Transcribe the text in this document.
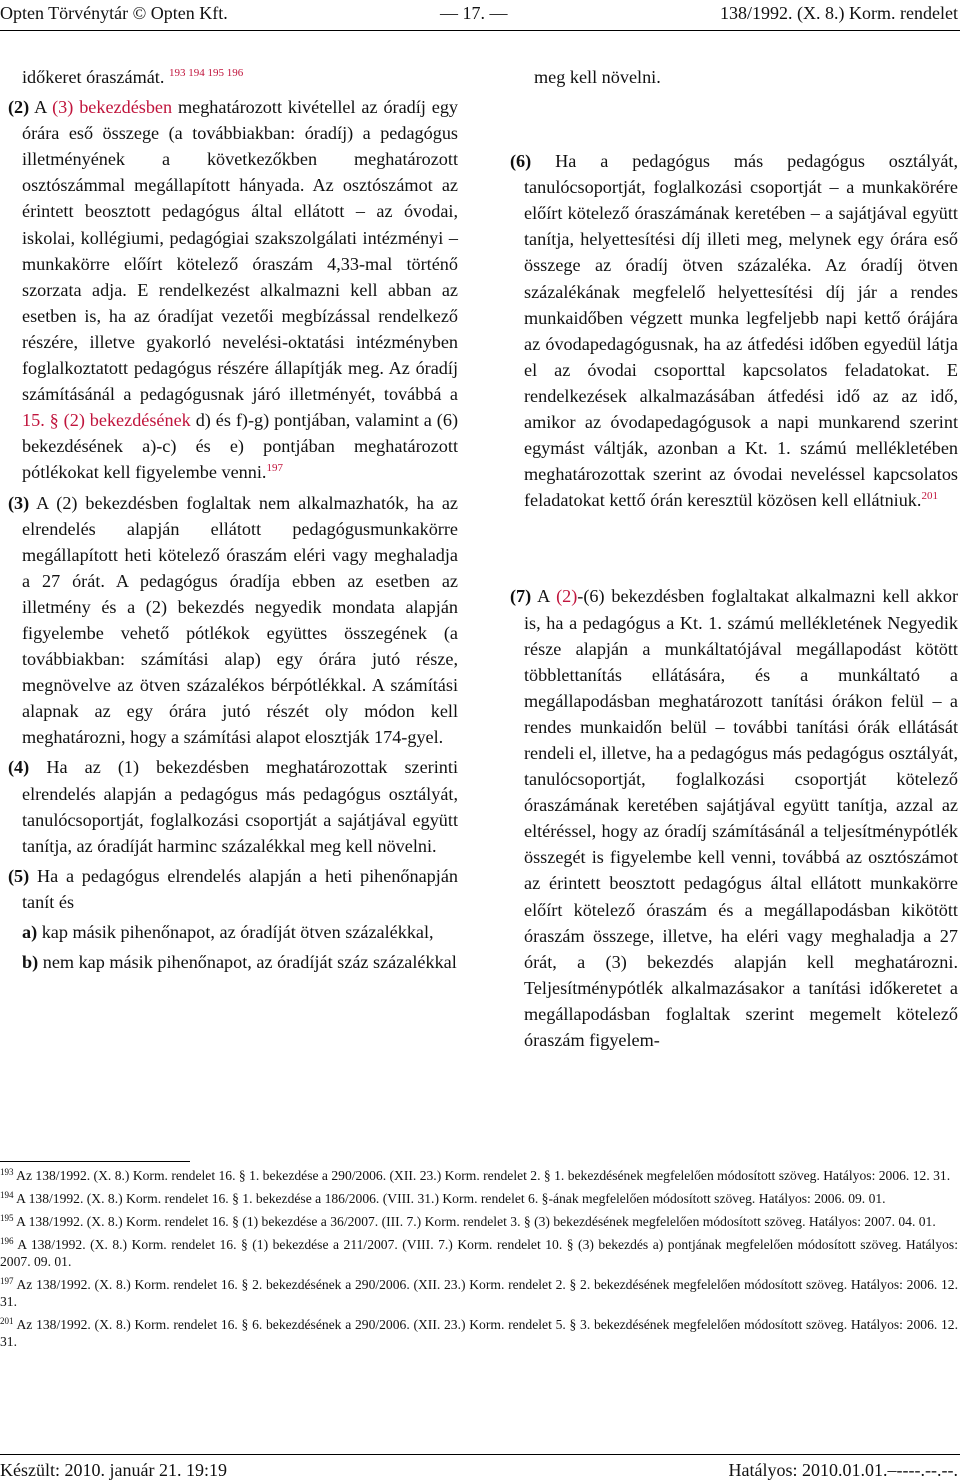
Opten Törvénytár © Opten Kft.	— 17. —	138/1992. (X. 8.) Korm. rendelet

időkeret óraszámát. $^{193 194 195 196}$

(2) A (3) bekezdésben meghatározott kivétellel az óradíj egy órára eső összege (a továbbiakban: óradíj) a pedagógus illetményének a következőkben meghatározott osztószámmal megállapított hányada. Az osztószámot az érintett beosztott pedagógus által ellátott – az óvodai, iskolai, kollégiumi, pedagógiai szakszolgálati intézményi – munkakörre előírt kötelező óraszám 4,33-mal történő szorzata adja. E rendelkezést alkalmazni kell abban az esetben is, ha az óradíjat vezetői megbízással rendelkező részére, illetve gyakorló nevelési-oktatási intézményben foglalkoztatott pedagógus részére állapítják meg. Az óradíj számításánál a pedagógusnak járó illetményét, továbbá a 15. § (2) bekezdésének d) és f)-g) pontjában, valamint a (6) bekezdésének a)-c) és e) pontjában meghatározott pótlékokat kell figyelembe venni.$^{197}$

(3) A (2) bekezdésben foglaltak nem alkalmazhatók, ha az elrendelés alapján ellátott pedagógusmunkakörre megállapított heti kötelező óraszám eléri vagy meghaladja a 27 órát. A pedagógus óradíja ebben az esetben az illetmény és a (2) bekezdés negyedik mondata alapján figyelembe vehető pótlékok együttes összegének (a továbbiakban: számítási alap) egy órára jutó része, megnövelve az ötven százalékos bérpótlékkal. A számítási alapnak az egy órára jutó részét oly módon kell meghatározni, hogy a számítási alapot elosztják 174-gyel.

(4) Ha az (1) bekezdésben meghatározottak szerinti elrendelés alapján a pedagógus más pedagógus osztályát, tanulócsoportját, foglalkozási csoportját a sajátjával együtt tanítja, az óradíját harminc százalékkal meg kell növelni.

(5) Ha a pedagógus elrendelés alapján a heti pihenőnapján tanít és

a) kap másik pihenőnapot, az óradíját ötven százalékkal,

b) nem kap másik pihenőnapot, az óradíját száz százalékkal

meg kell növelni.

(6) Ha a pedagógus más pedagógus osztályát, tanulócsoportját, foglalkozási csoportját – a munkakörére előírt kötelező óraszámának keretében – a sajátjával együtt tanítja, helyettesítési díj illeti meg, melynek egy órára eső összege az óradíj ötven százaléka. Az óradíj ötven százalékának megfelelő helyettesítési díj jár a rendes munkaidőben végzett munka legfeljebb napi kettő órájára az óvodapedagógusnak, ha az átfedési időben egyedül látja el az óvodai csoporttal kapcsolatos feladatokat. E rendelkezések alkalmazásában átfedési idő az az idő, amikor az óvodapedagógusok a napi munkarend szerint egymást váltják, azonban a Kt. 1. számú mellékletében meghatározottak szerint az óvodai neveléssel kapcsolatos feladatokat kettő órán keresztül közösen kell ellátniuk.$^{201}$

(7) A (2)-(6) bekezdésben foglaltakat alkalmazni kell akkor is, ha a pedagógus a Kt. 1. számú mellékletének Negyedik része alapján a munkáltatójával megállapodást kötött többlettanítás ellátására, és a munkáltató a megállapodásban meghatározott tanítási órákon felül – a rendes munkaidőn belül – további tanítási órák ellátását rendeli el, illetve, ha a pedagógus más pedagógus osztályát, tanulócsoportját, foglalkozási csoportját kötelező óraszámának keretében sajátjával együtt tanítja, azzal az eltéréssel, hogy az óradíj számításánál a teljesítménypótlék összegét is figyelembe kell venni, továbbá az osztószámot az érintett beosztott pedagógus által ellátott munkakörre előírt kötelező óraszám és a megállapodásban kikötött óraszám összege, illetve, ha eléri vagy meghaladja a 27 órát, a (3) bekezdés alapján kell meghatározni. Teljesítménypótlék alkalmazásakor a tanítási időkeretet a megállapodásban foglaltak szerint megemelt kötelező óraszám figyelem-

$^{193}$ Az 138/1992. (X. 8.) Korm. rendelet 16. § 1. bekezdése a 290/2006. (XII. 23.) Korm. rendelet 2. § 1. bekezdésének megfelelően módosított szöveg. Hatályos: 2006. 12. 31.

$^{194}$ A 138/1992. (X. 8.) Korm. rendelet 16. § 1. bekezdése a 186/2006. (VIII. 31.) Korm. rendelet 6. §-ának megfelelően módosított szöveg. Hatályos: 2006. 09. 01.

$^{195}$ A 138/1992. (X. 8.) Korm. rendelet 16. § (1) bekezdése a 36/2007. (III. 7.) Korm. rendelet 3. § (3) bekezdésének megfelelően módosított szöveg. Hatályos: 2007. 04. 01.

$^{196}$ A 138/1992. (X. 8.) Korm. rendelet 16. § (1) bekezdése a 211/2007. (VIII. 7.) Korm. rendelet 10. § (3) bekezdés a) pontjának megfelelően módosított szöveg. Hatályos: 2007. 09. 01.

$^{197}$ Az 138/1992. (X. 8.) Korm. rendelet 16. § 2. bekezdésének a 290/2006. (XII. 23.) Korm. rendelet 2. § 2. bekezdésének megfelelően módosított szöveg. Hatályos: 2006. 12. 31.

$^{201}$ Az 138/1992. (X. 8.) Korm. rendelet 16. § 6. bekezdésének a 290/2006. (XII. 23.) Korm. rendelet 5. § 3. bekezdésének megfelelően módosított szöveg. Hatályos: 2006. 12. 31.

Készült: 2010. január 21. 19:19	Hatályos: 2010.01.01.–----.--.--.
